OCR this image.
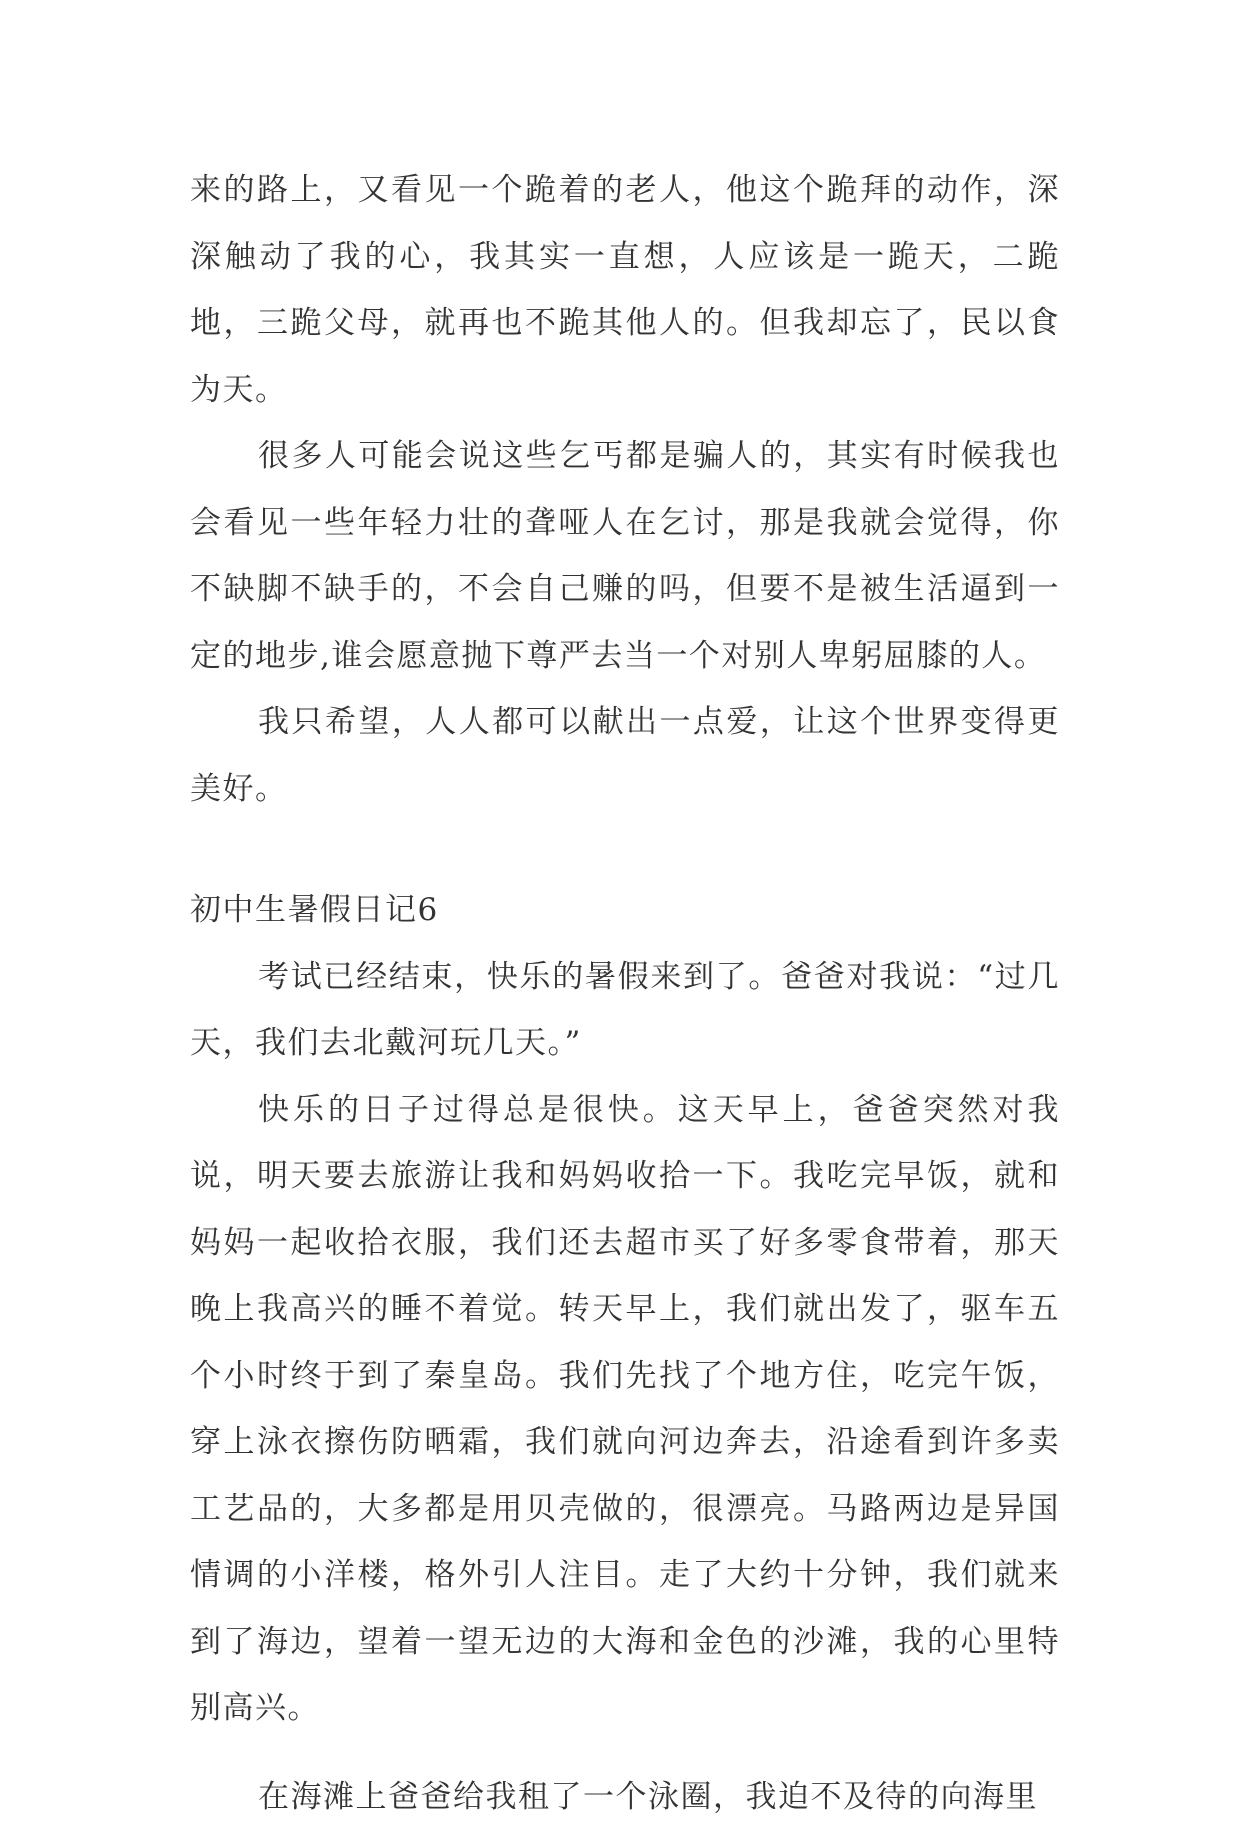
来的路上，又看见一个跪着的老人，他这个跪拜的动作，深深触动了我的心，我其实一直想，人应该是一跪天，二跪地，三跪父母，就再也不跪其他人的。但我却忘了，民以食为天。

很多人可能会说这些乞丐都是骗人的，其实有时候我也会看见一些年轻力壮的聋哑人在乞讨，那是我就会觉得，你不缺脚不缺手的，不会自己赚的吗，但要不是被生活逼到一定的地步,谁会愿意抛下尊严去当一个对别人卑躬屈膝的人。

我只希望，人人都可以献出一点爱，让这个世界变得更美好。

初中生暑假日记6

考试已经结束，快乐的暑假来到了。爸爸对我说：“过几天，我们去北戴河玩几天。”

快乐的日子过得总是很快。这天早上，爸爸突然对我说，明天要去旅游让我和妈妈收拾一下。我吃完早饭，就和妈妈一起收拾衣服，我们还去超市买了好多零食带着，那天晚上我高兴的睡不着觉。转天早上，我们就出发了，驱车五个小时终于到了秦皇岛。我们先找了个地方住，吃完午饭，穿上泳衣擦伤防晒霜，我们就向河边奔去，沿途看到许多卖工艺品的，大多都是用贝壳做的，很漂亮。马路两边是异国情调的小洋楼，格外引人注目。走了大约十分钟，我们就来到了海边，望着一望无边的大海和金色的沙滩，我的心里特别高兴。

在海滩上爸爸给我租了一个泳圈，我迫不及待的向海里
